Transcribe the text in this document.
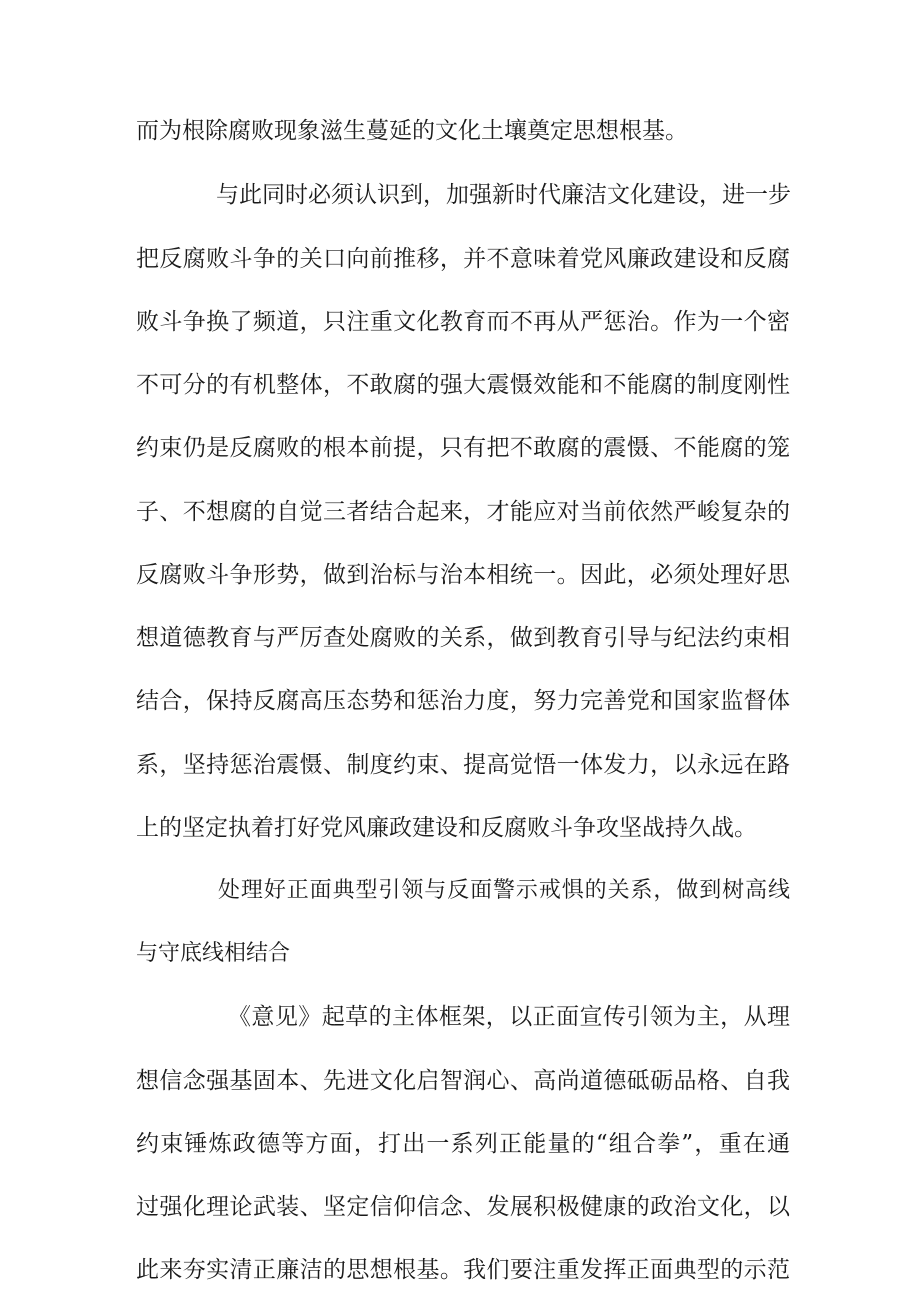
而为根除腐败现象滋生蔓延的文化土壤奠定思想根基。
与此同时必须认识到，加强新时代廉洁文化建设，进一步
把反腐败斗争的关口向前推移，并不意味着党风廉政建设和反腐
败斗争换了频道，只注重文化教育而不再从严惩治。作为一个密
不可分的有机整体，不敢腐的强大震慑效能和不能腐的制度刚性
约束仍是反腐败的根本前提，只有把不敢腐的震慑、不能腐的笼
子、不想腐的自觉三者结合起来，才能应对当前依然严峻复杂的
反腐败斗争形势，做到治标与治本相统一。因此，必须处理好思
想道德教育与严厉查处腐败的关系，做到教育引导与纪法约束相
结合，保持反腐高压态势和惩治力度，努力完善党和国家监督体
系，坚持惩治震慑、制度约束、提高觉悟一体发力，以永远在路
上的坚定执着打好党风廉政建设和反腐败斗争攻坚战持久战。
处理好正面典型引领与反面警示戒惧的关系，做到树高线
与守底线相结合
《意见》起草的主体框架，以正面宣传引领为主，从理
想信念强基固本、先进文化启智润心、高尚道德砥砺品格、自我
约束锤炼政德等方面，打出一系列正能量的“组合拳”，重在通
过强化理论武装、坚定信仰信念、发展积极健康的政治文化，以
此来夯实清正廉洁的思想根基。我们要注重发挥正面典型的示范
